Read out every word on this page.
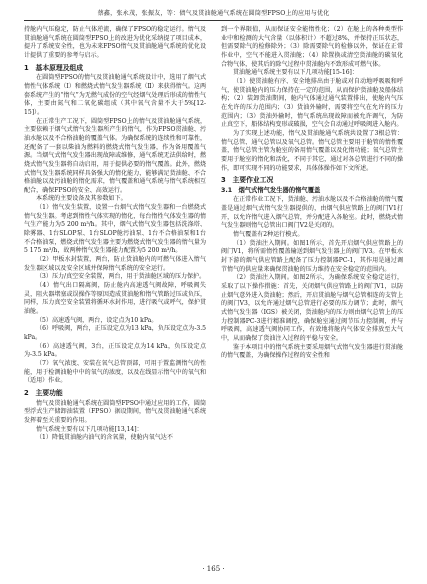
蔡鑫，张永茂，张振友，等：债气及贯油舱通气系统在圆筒型FPSO上的应用与优化

持舱内气压稳定，防止气体逆流，确保了FPSO的稳定运行。惰气及贯油舱通气系统在圆筒型FPSO上的改进为优化采纳提了项目成本，提升了系统安全性，也为未来FPSO惰气及贯油舱通气系统的优化设计提供了重要的参考与启示。

1　基本原理及组成

在圆筒型FPSO的惰气及贯油舱通气系统设计中，选用了烟气式惰性气体系统（Ⅰ）和燃烧式惰气发生器系统（Ⅱ）来获得惰气。这两套系统产生的“惰气”为无燃气成份的空气经烟气处理后形成的惰性气体，主要由氮气和二氧化碳组成（其中氧气含量不大于5%[12-15]）。

在正常生产工况下，圆筒型FPSO上的惰气及贯油舱通气系统，主要依赖于烟气式惰气发生器所产生的惰气，作为FPSO贯油舱、污油水舱以及不合格油舱的覆盖气体。为确保系统的连续性和可靠性，还配备了一套以柴油为燃料的燃烧式惰气发生器，作为备用覆盖气源。当烟气式惰气发生器出现故障或维修，通气系统无法供给时，燃烧式惰气发生器将自动启用，用于提供必要的惰气覆盖。此外，燃烧式惰气发生器系统同样具备强大的惰化能力，能够满足货油舱、不合格油舱以及污油舱的惰化需求，惰气覆盖和通气系统与惰气系统相互配合，确保FPSO的安全、高效运行。

本系统的主要设备及其参数如下。

（1）惰气发生装置，设置一台烟气式惰气发生器和一台燃烧式惰气发生器。考虑到惰性气体实现的惰化，每台惰性气体发生器的惰气生产能力为5 200 m³/h。其中，烟气式惰气发生器包括洗涤塔、除雾器、1台SLOP泵、1台SLOP舱污油泵、1台不合格油泵和1台不合格油泵，燃烧式惰气发生器主要为燃烧式惰气发生器的惰气量为5 175 m³/h，故两种惰气发生器能力配置为5 200 m³/h。

（2）甲板水封装置，两台，防止货油舱内的可燃气体进入惰气发生器区域以及安全区域并保障惰气系统的安全运行。

（3）压力/真空安全装置，两台，用于货油舱区域的压力保护。

（4）惰气出口隔离阀，防止舱内高速透气阀故障，呼吸阀失灵，阻火器堵塞或误操作等原因造成贯油舱和惰气管路过压或负压，同样，压力真空安全装置将循环水封作用，进行吸气或呼气，保护贯油舱。

（5）高速透气阀，两台，设定点为10 kPa。

（6）呼吸阀，两台，正压设定点为13 kPa，负压设定点为-3.5 kPa。

（6）高速透气阀，3台，正压设定点为14 kPa，负压设定点为-3.5 kPa。

（7）氧气浓度、安装在氧气总管顶部，可用于置监测惰气的性能，用于检测油舱中中的氧气的浓度，以及在线显示惰气中的氧气和（适用）作业。

2　主要功能

惰气及贯油舱通气系统在圆筒型FPSO中通过应用的工作，圆筒型浮式生产储卸油装置（FPSO）据设期间，惰气及贯油舱通气系统发挥着至关重要的作用。

惰气系统主要有以下几项功能[13,14]：

（1）降低贯油舱内油气的含氧量，使舱内氧气达不

到一个界限值，从而保证安全能惰性化；（2）在舱上的各种类型作业中和检测的大气含量（以体积计）不超过8%，并保持正压状态，但需要除气的检修除外；（3）除需要除气的检修以外，保证在正常作业中，空气不能进入贯油舱；（4）除置换或清空货油舱的碳氧化合物气体，使其后的除气过程中贯油舱内不致形成可燃气体。

贯油舱通气系统主要有以下几项功能[15-16]：

（1）使贯油舱有序、安全地排出由于舱或对自动地呼吸吸和呼气，使贯油舱内的压力保持在一定的范围，从而保护货油舱及船体结构；（2）装卸货油期间，舱内气体通过通气装置排出，使舱内气压在允许的压力范围内；（3）货油外输时，需要将空气在允许的压力范围内；（3）货油外输时，惰气系统出现故障而被允许调气，为防止真空下，船体结构变形或破损，空气会自动通过呼吸阀进入舱内。

为了实现上述功能，惰气及贯油舱通气系统共设置了3根总管：惰气总管、通气总管以及氧气总管。惰气总管主要用于舱管的惰性覆盖，惰气总管主管为舱室的备用惰气覆盖以及化惰功能；氧气总管主要用于舱室的惰化和活化，不同于其它，通过对各总管进行不同的操作，即可实现不同的功能要求，具体体操作如下文所述。

3　主要作业工况
3.1　烟气式惰气发生器的惰气覆盖

在正常作业工况下，货油舱、污油水舱以及不合格油舱的惰气覆盖是通过烟气式惰气发生器提供的，由烟气供应管路上的阀门V1打开，以允许惰气进入烟气总管，并分配进入各舱室。此时，燃烧式惰气发生器则惰气总管出口阀门V2是关闭的。

惰气覆盖有2种运行模式。

（1）货油注入期间。如图1所示，首先开启烟气供应管路上的阀门V1，将所需惰性覆盖输送到烟气发生器上的阀门V3。在甲板水封下游的烟气供应管路上配备了压力控制器PC-1，其作用是通过调节惰气的供应量来确保贯油舱的压力维持在安全稳定的范围内。

（2）货油注入期间。如图2所示，为确保系统安全稳定运行，采取了以下操作措施：首先，关闭烟气供应管路上的阀门V1，以防止烟气意外进入货油舱；然后，开启贯油舱与烟气总管相连的支管上的阀门V3，以允许通过烟气总管进行必要的压力调节；此时，烟气式惰气发生器（IGS）被关闭，货油舱内的压力则由烟气总管上的压力控制器PC-3进行精准调控，确保舱室通过阀节压力控制阀，并与呼吸阀，高速透气阀协同工作，有效地将舱内气体安全排放至大气中，从而确保了货油注入过程的平稳与安全。

鉴于本项目中的惰气系统主要采用烟气式惰气发生器进行贯油舱的惰气覆盖，为确保操作过程的安全性和

· 165 ·
